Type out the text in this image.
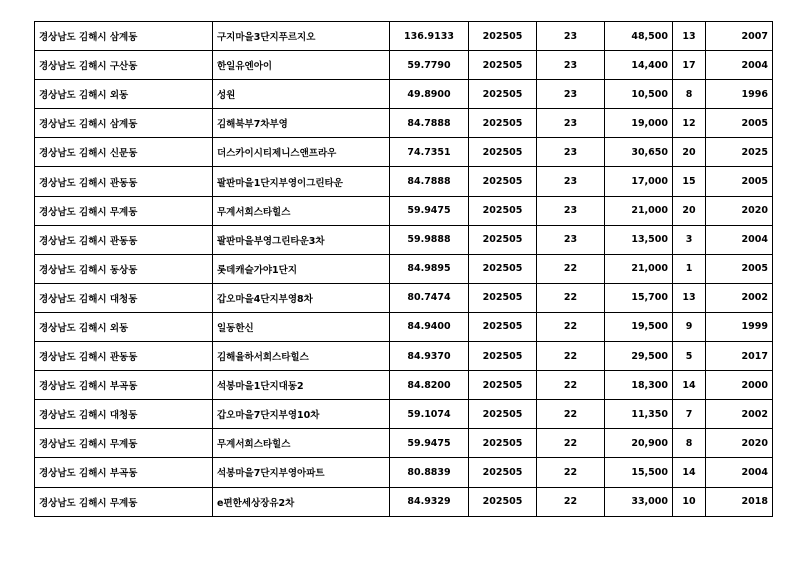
경상남도 김해시 삼계동	구지마을3단지푸르지오	136.9133	202505	23	48,500	13	2007
경상남도 김해시 구산동	한일유엔아이	59.7790	202505	23	14,400	17	2004
경상남도 김해시 외동	성원	49.8900	202505	23	10,500	8	1996
경상남도 김해시 삼계동	김해북부7차부영	84.7888	202505	23	19,000	12	2005
경상남도 김해시 신문동	더스카이시티제니스앤프라우	74.7351	202505	23	30,650	20	2025
경상남도 김해시 관동동	팔판마을1단지부영이그린타운	84.7888	202505	23	17,000	15	2005
경상남도 김해시 무계동	무계서희스타힐스	59.9475	202505	23	21,000	20	2020
경상남도 김해시 관동동	팔판마을부영그린타운3차	59.9888	202505	23	13,500	3	2004
경상남도 김해시 동상동	롯데캐슬가야1단지	84.9895	202505	22	21,000	1	2005
경상남도 김해시 대청동	갑오마을4단지부영8차	80.7474	202505	22	15,700	13	2002
경상남도 김해시 외동	일동한신	84.9400	202505	22	19,500	9	1999
경상남도 김해시 관동동	김해율하서희스타힐스	84.9370	202505	22	29,500	5	2017
경상남도 김해시 부곡동	석봉마을1단지대동2	84.8200	202505	22	18,300	14	2000
경상남도 김해시 대청동	갑오마을7단지부영10차	59.1074	202505	22	11,350	7	2002
경상남도 김해시 무계동	무계서희스타힐스	59.9475	202505	22	20,900	8	2020
경상남도 김해시 부곡동	석봉마을7단지부영아파트	80.8839	202505	22	15,500	14	2004
경상남도 김해시 무계동	e편한세상장유2차	84.9329	202505	22	33,000	10	2018
